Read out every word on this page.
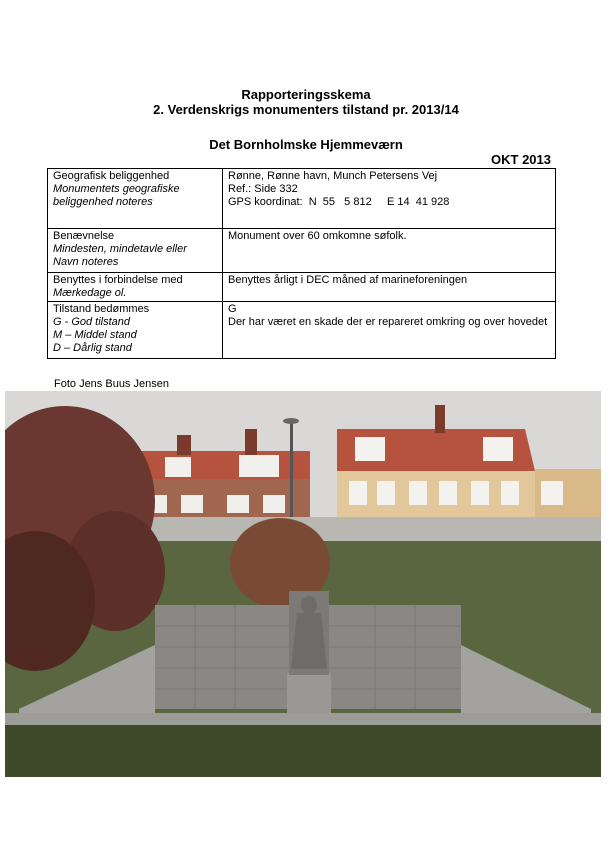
Rapporteringsskema
2. Verdenskrigs monumenters tilstand pr. 2013/14
Det Bornholmske Hjemmeværn
OKT 2013
Geografisk beliggenhed
Monumentets geografiske
beliggenhed noteres	Rønne, Rønne havn, Munch Petersens Vej
Ref.: Side 332
GPS koordinat:  N  55   5 812     E 14  41 928

Benævnelse
Mindesten, mindetavle eller
Navn noteres	Monument over 60 omkomne søfolk.

Benyttes i forbindelse med
Mærkedage ol.	Benyttes årligt i DEC måned af marineforeningen

Tilstand bedømmes
G - God tilstand
M – Middel stand
D – Dårlig stand	G
Der har været en skade der er repareret omkring og over hovedet
Foto Jens Buus Jensen
